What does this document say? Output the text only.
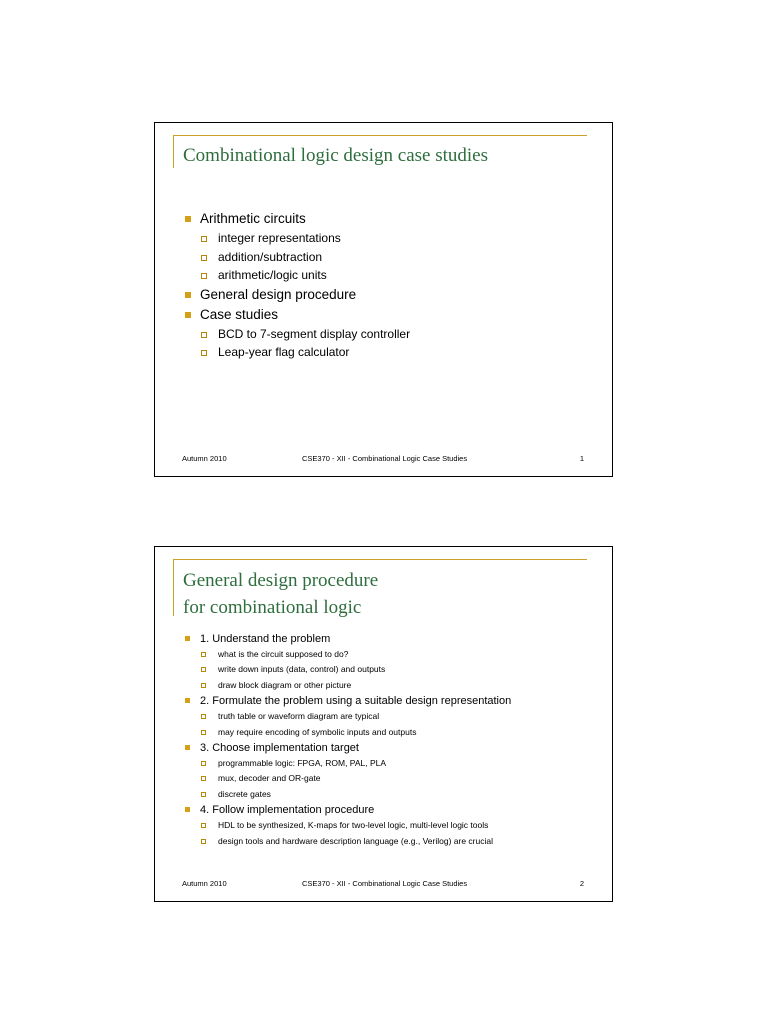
Combinational logic design case studies
Arithmetic circuits
integer representations
addition/subtraction
arithmetic/logic units
General design procedure
Case studies
BCD to 7-segment display controller
Leap-year flag calculator
Autumn 2010	CSE370 - XII - Combinational Logic Case Studies	1
General design procedure
for combinational logic
1. Understand the problem
what is the circuit supposed to do?
write down inputs (data, control) and outputs
draw block diagram or other picture
2. Formulate the problem using a suitable design representation
truth table or waveform diagram are typical
may require encoding of symbolic inputs and outputs
3. Choose implementation target
programmable logic: FPGA, ROM, PAL, PLA
mux, decoder and OR-gate
discrete gates
4. Follow implementation procedure
HDL to be synthesized, K-maps for two-level logic, multi-level logic tools
design tools and hardware description language (e.g., Verilog) are crucial
Autumn 2010	CSE370 - XII - Combinational Logic Case Studies	2
